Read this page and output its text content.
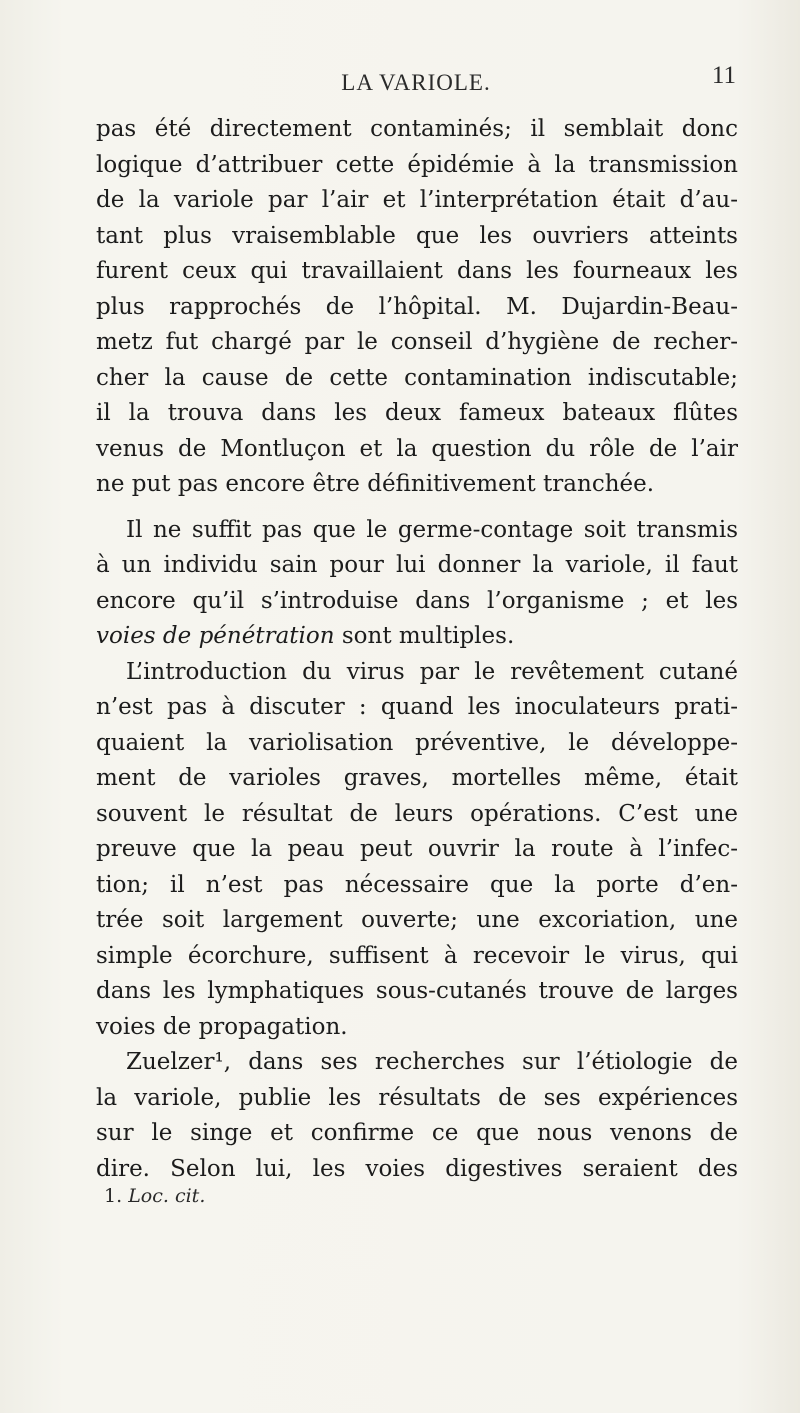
LA VARIOLE.	11
pas été directement contaminés; il semblait donc
logique d’attribuer cette épidémie à la transmission
de la variole par l’air et l’interprétation était d’au-
tant plus vraisemblable que les ouvriers atteints
furent ceux qui travaillaient dans les fourneaux les
plus rapprochés de l’hôpital. M. Dujardin-Beau-
metz fut chargé par le conseil d’hygiène de recher-
cher la cause de cette contamination indiscutable;
il la trouva dans les deux fameux bateaux flûtes
venus de Montluçon et la question du rôle de l’air
ne put pas encore être définitivement tranchée.
Il ne suffit pas que le germe-contage soit transmis
à un individu sain pour lui donner la variole, il faut
encore qu’il s’introduise dans l’organisme ; et les
voies de pénétration sont multiples.
L’introduction du virus par le revêtement cutané
n’est pas à discuter : quand les inoculateurs prati-
quaient la variolisation préventive, le développe-
ment de varioles graves, mortelles même, était
souvent le résultat de leurs opérations. C’est une
preuve que la peau peut ouvrir la route à l’infec-
tion; il n’est pas nécessaire que la porte d’en-
trée soit largement ouverte; une excoriation, une
simple écorchure, suffisent à recevoir le virus, qui
dans les lymphatiques sous-cutanés trouve de larges
voies de propagation.
Zuelzer¹, dans ses recherches sur l’étiologie de
la variole, publie les résultats de ses expériences
sur le singe et confirme ce que nous venons de
dire. Selon lui, les voies digestives seraient des
1. Loc. cit.
